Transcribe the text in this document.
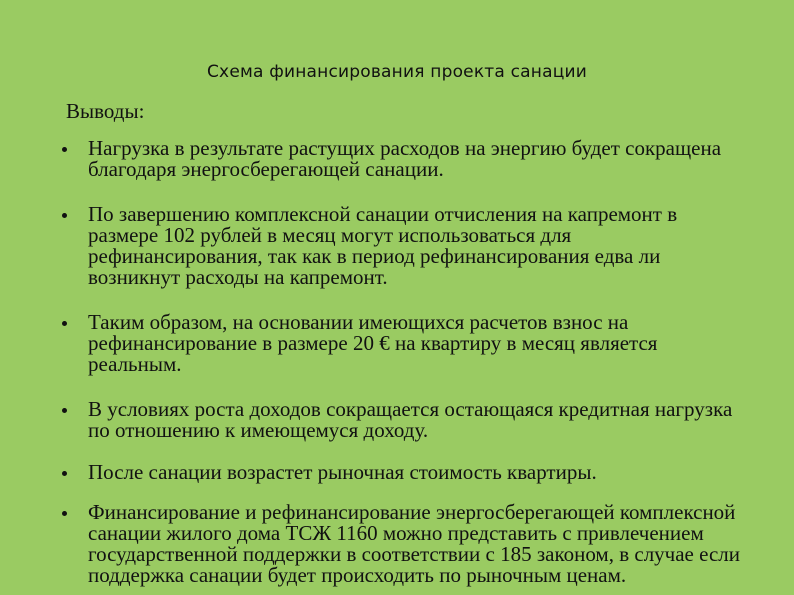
Схема финансирования проекта санации
Выводы:
Нагрузка в результате растущих расходов на энергию будет сокращена благодаря энергосберегающей санации.
По завершению комплексной санации отчисления на капремонт в размере 102 рублей в месяц могут использоваться для рефинансирования, так как в период рефинансирования едва ли возникнут расходы на капремонт.
Таким образом, на основании имеющихся расчетов взнос на рефинансирование в размере 20 € на квартиру в месяц является реальным.
В условиях роста доходов сокращается остающаяся кредитная нагрузка по отношению к имеющемуся доходу.
После санации возрастет рыночная стоимость квартиры.
Финансирование и рефинансирование энергосберегающей комплексной санации жилого дома ТСЖ 1160 можно представить с привлечением государственной поддержки в соответствии с 185 законом, в случае если поддержка санации будет происходить по рыночным ценам.
